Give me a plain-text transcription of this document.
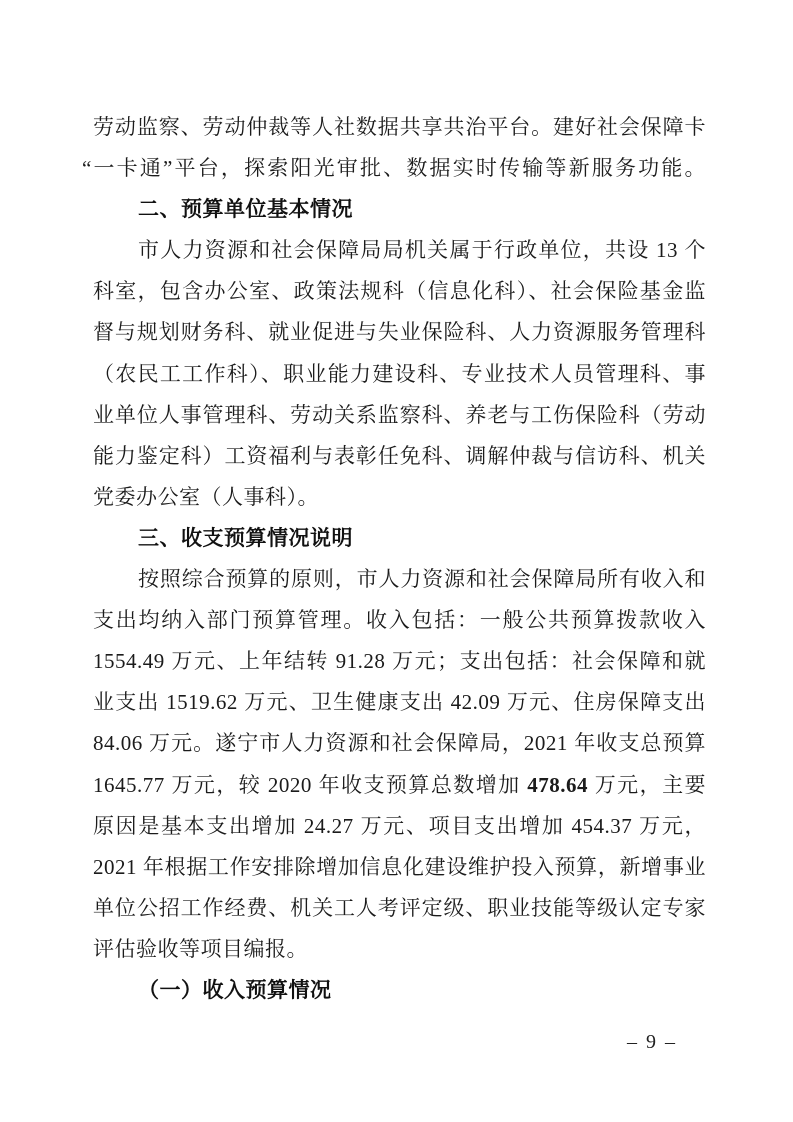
劳动监察、劳动仲裁等人社数据共享共治平台。建好社会保障卡
“一卡通”平台，探索阳光审批、数据实时传输等新服务功能。
二、预算单位基本情况
市人力资源和社会保障局局机关属于行政单位，共设 13 个
科室，包含办公室、政策法规科（信息化科）、社会保险基金监
督与规划财务科、就业促进与失业保险科、人力资源服务管理科
（农民工工作科）、职业能力建设科、专业技术人员管理科、事
业单位人事管理科、劳动关系监察科、养老与工伤保险科（劳动
能力鉴定科）工资福利与表彰任免科、调解仲裁与信访科、机关
党委办公室（人事科）。
三、收支预算情况说明
按照综合预算的原则，市人力资源和社会保障局所有收入和
支出均纳入部门预算管理。收入包括：一般公共预算拨款收入
1554.49 万元、上年结转 91.28 万元；支出包括：社会保障和就
业支出 1519.62 万元、卫生健康支出 42.09 万元、住房保障支出
84.06 万元。遂宁市人力资源和社会保障局，2021 年收支总预算
1645.77 万元，较 2020 年收支预算总数增加 478.64 万元，主要
原因是基本支出增加 24.27 万元、项目支出增加 454.37 万元，
2021 年根据工作安排除增加信息化建设维护投入预算，新增事业
单位公招工作经费、机关工人考评定级、职业技能等级认定专家
评估验收等项目编报。
（一）收入预算情况
– 9 –
